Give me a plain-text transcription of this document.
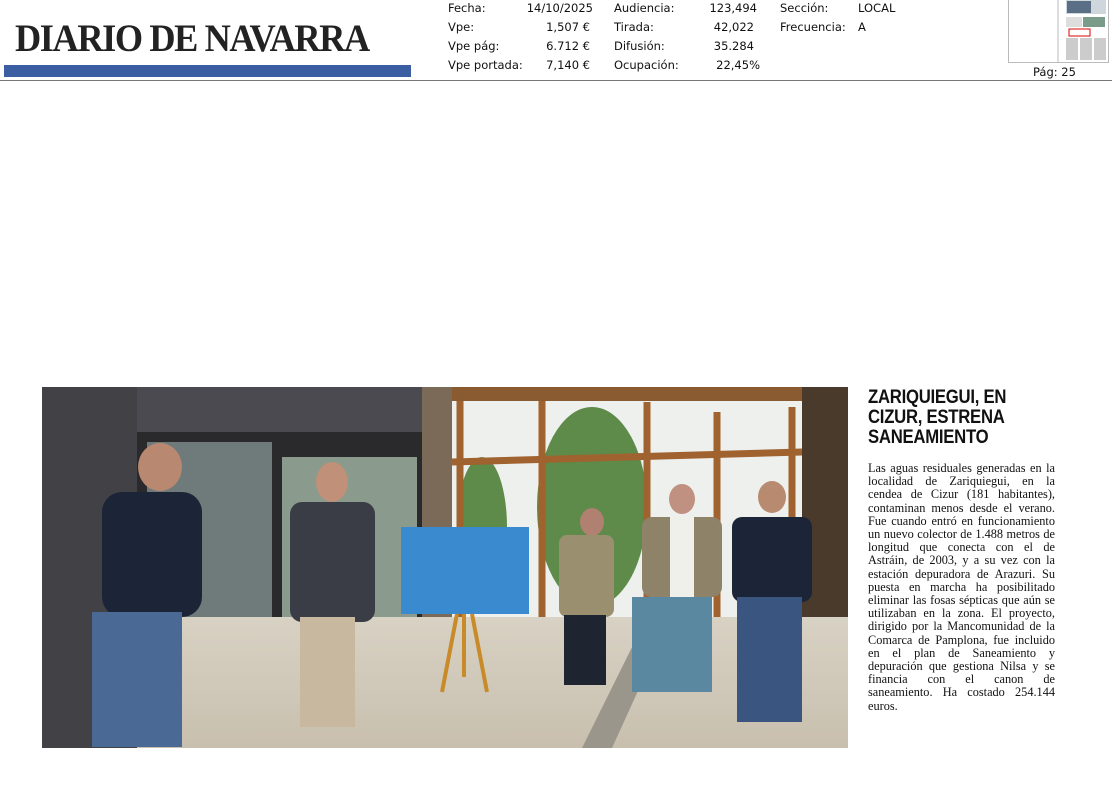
DIARIO DE NAVARRA
Fecha:	14/10/2025
Vpe:	1,507 €
Vpe pág:	6.712 €
Vpe portada:	7,140 €
Audiencia:	123,494
Tirada:	42,022
Difusión:	35.284
Ocupación:	22,45%
Sección:	LOCAL
Frecuencia: A
Pág: 25
ZARIQUIEGUI, EN CIZUR, ESTRENA SANEAMIENTO
Las aguas residuales generadas en la localidad de Zariquiegui, en la cendea de Cizur (181 habitantes), contaminan menos desde el verano. Fue cuando entró en funcionamiento un nuevo colector de 1.488 metros de longitud que conecta con el de Astráin, de 2003, y a su vez con la estación depuradora de Arazuri. Su puesta en marcha ha posibilitado eliminar las fosas sépticas que aún se utilizaban en la zona. El proyecto, dirigido por la Mancomunidad de la Comarca de Pamplona, fue incluido en el plan de Saneamiento y depuración que gestiona Nilsa y se financia con el canon de saneamiento. Ha costado 254.144 euros.
